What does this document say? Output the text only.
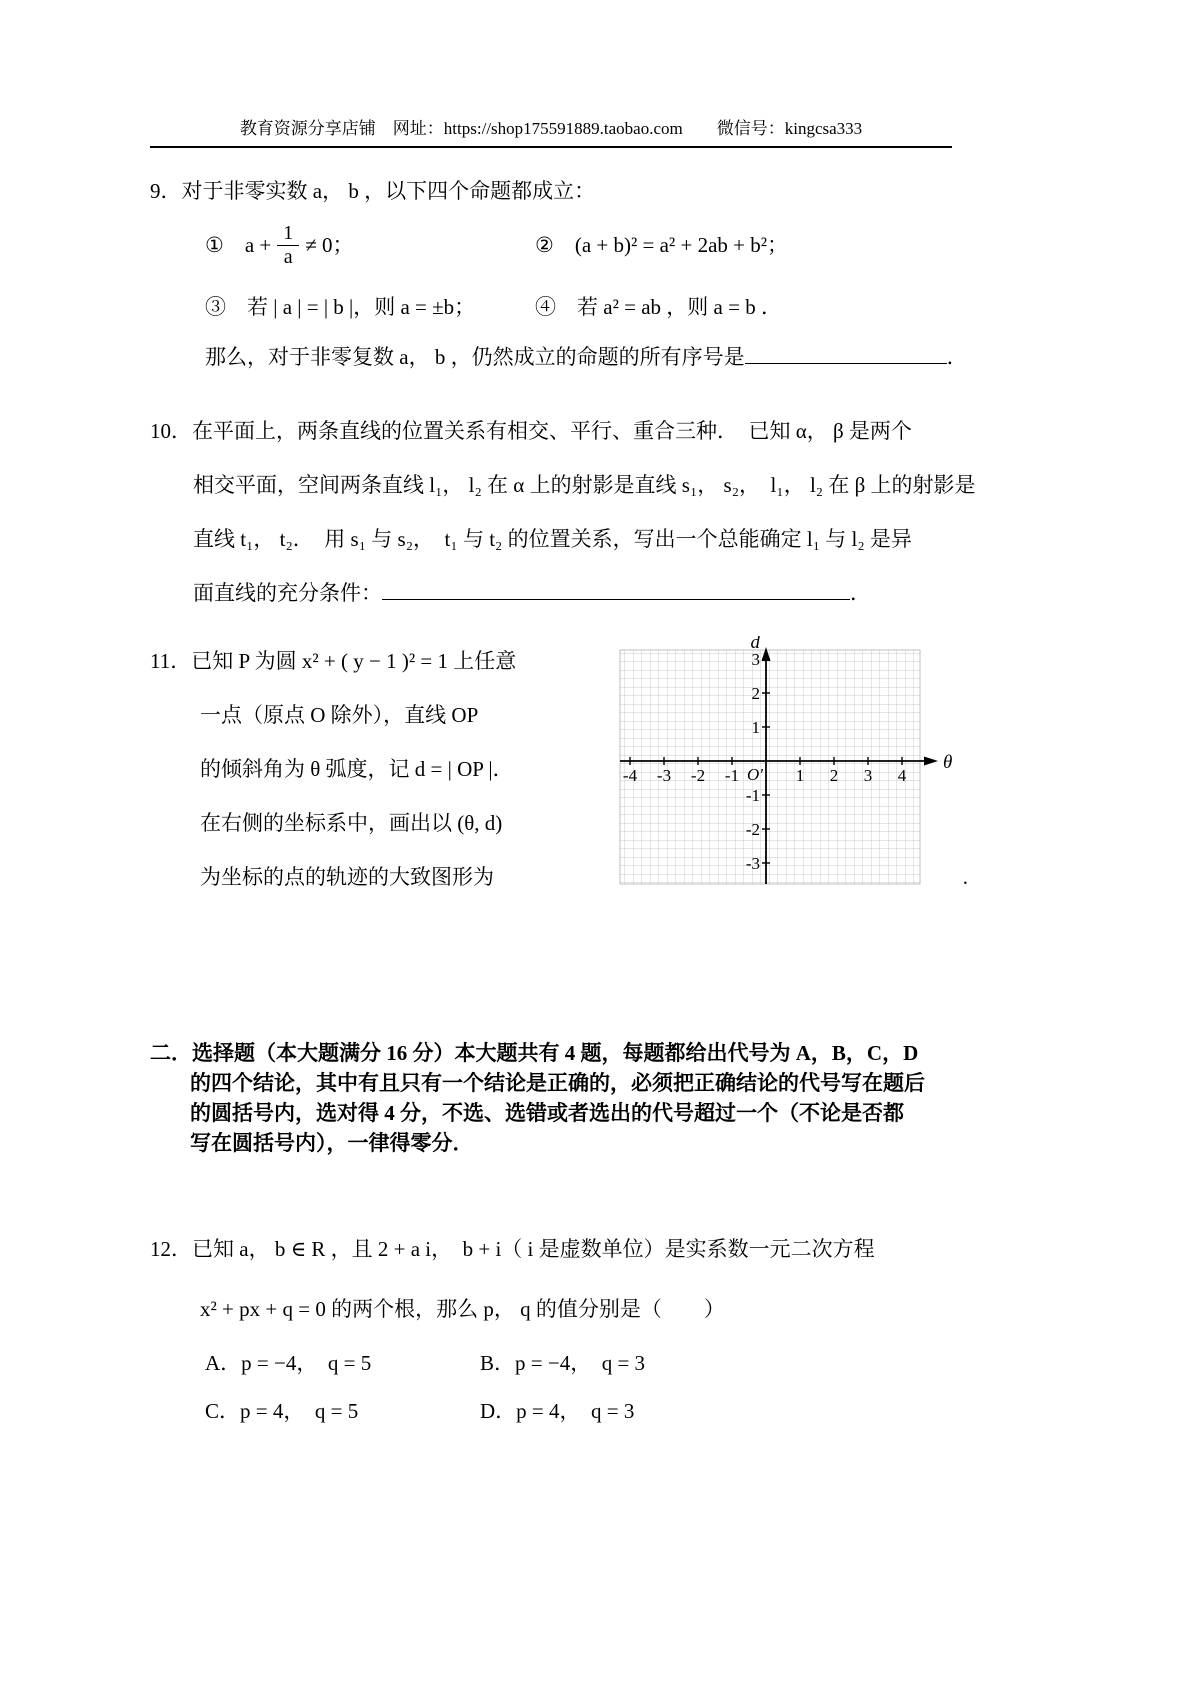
教育资源分享店铺　网址：https://shop175591889.taobao.com　　微信号：kingcsa333
9．对于非零实数 a， b ，以下四个命题都成立：
①　$a + \frac{1}{a} \ne 0$；	②　(a + b)² = a² + 2ab + b²；
③　若 | a | = | b |，则 a = ±b；	④　若 a² = ab ，则 a = b ．
那么，对于非零复数 a， b ，仍然成立的命题的所有序号是	．
10．在平面上，两条直线的位置关系有相交、平行、重合三种．　已知 α， β 是两个
相交平面，空间两条直线 l₁， l₂ 在 α 上的射影是直线 s₁， s₂，　l₁， l₂ 在 β 上的射影是
直线 t₁， t₂．　用 s₁ 与 s₂，　t₁ 与 t₂ 的位置关系，写出一个总能确定 l₁ 与 l₂ 是异
面直线的充分条件：	．
11．已知 P 为圆 x² + ( y − 1 )² = 1 上任意
一点（原点 O 除外），直线 OP
的倾斜角为 θ 弧度，记 d = | OP |．
在右侧的坐标系中，画出以 (θ, d)
为坐标的点的轨迹的大致图形为
-4 -3 -2 -1	1 2 3 4
3
2
1
-1
-2
-3
O′
d
θ
.
二．选择题（本大题满分 16 分）本大题共有 4 题，每题都给出代号为 A，B，C，D
的四个结论，其中有且只有一个结论是正确的，必须把正确结论的代号写在题后
的圆括号内，选对得 4 分，不选、选错或者选出的代号超过一个（不论是否都
写在圆括号内），一律得零分．
12．已知 a， b ∈ R ，且 2 + a i，　b + i（ i 是虚数单位）是实系数一元二次方程
x² + px + q = 0 的两个根，那么 p， q 的值分别是（　　）
A．p = −4，　q = 5	B．p = −4，　q = 3
C．p = 4，　q = 5	D．p = 4，　q = 3
